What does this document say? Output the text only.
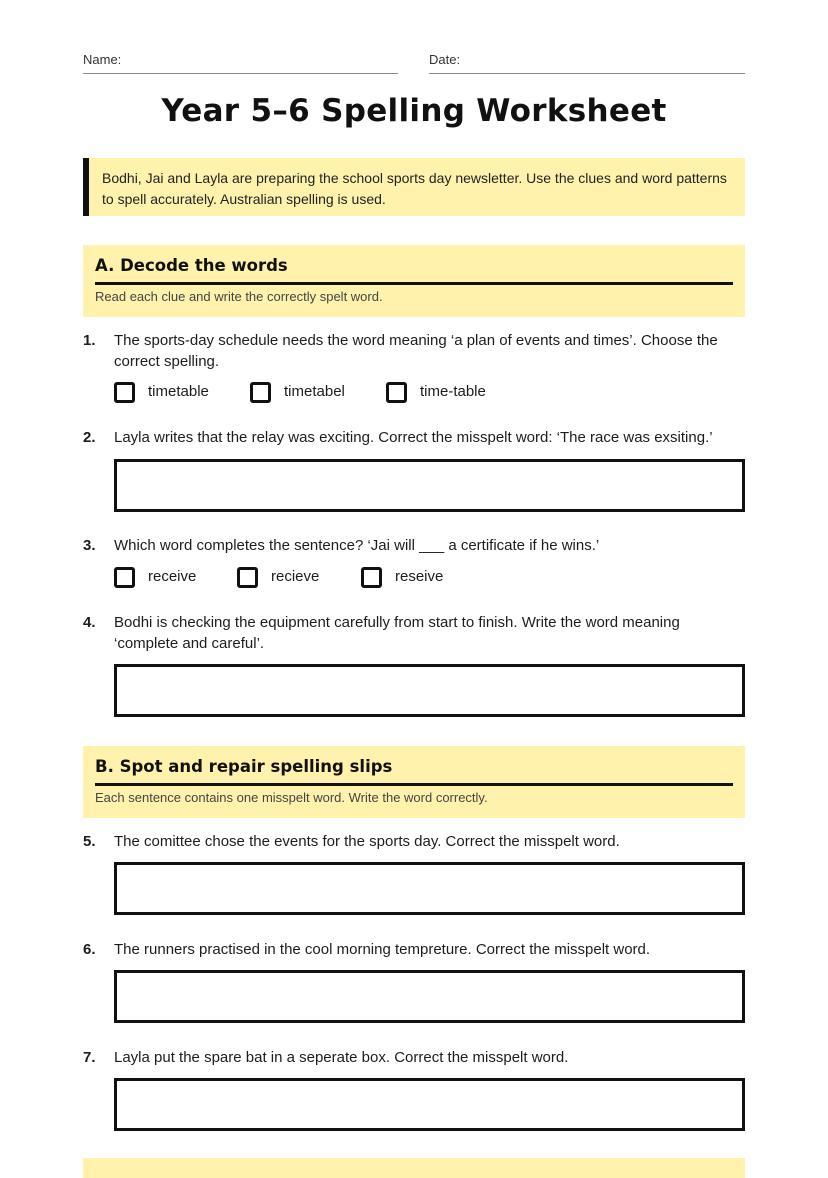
Name:	Date:
Year 5–6 Spelling Worksheet
Bodhi, Jai and Layla are preparing the school sports day newsletter. Use the clues and word patterns to spell accurately. Australian spelling is used.
A. Decode the words
Read each clue and write the correctly spelt word.
1. The sports-day schedule needs the word meaning ‘a plan of events and times’. Choose the correct spelling.
timetable	timetabel	time-table
2. Layla writes that the relay was exciting. Correct the misspelt word: ‘The race was exsiting.’
3. Which word completes the sentence? ‘Jai will ___ a certificate if he wins.’
receive	recieve	reseive
4. Bodhi is checking the equipment carefully from start to finish. Write the word meaning ‘complete and careful’.
B. Spot and repair spelling slips
Each sentence contains one misspelt word. Write the word correctly.
5. The comittee chose the events for the sports day. Correct the misspelt word.
6. The runners practised in the cool morning tempreture. Correct the misspelt word.
7. Layla put the spare bat in a seperate box. Correct the misspelt word.
